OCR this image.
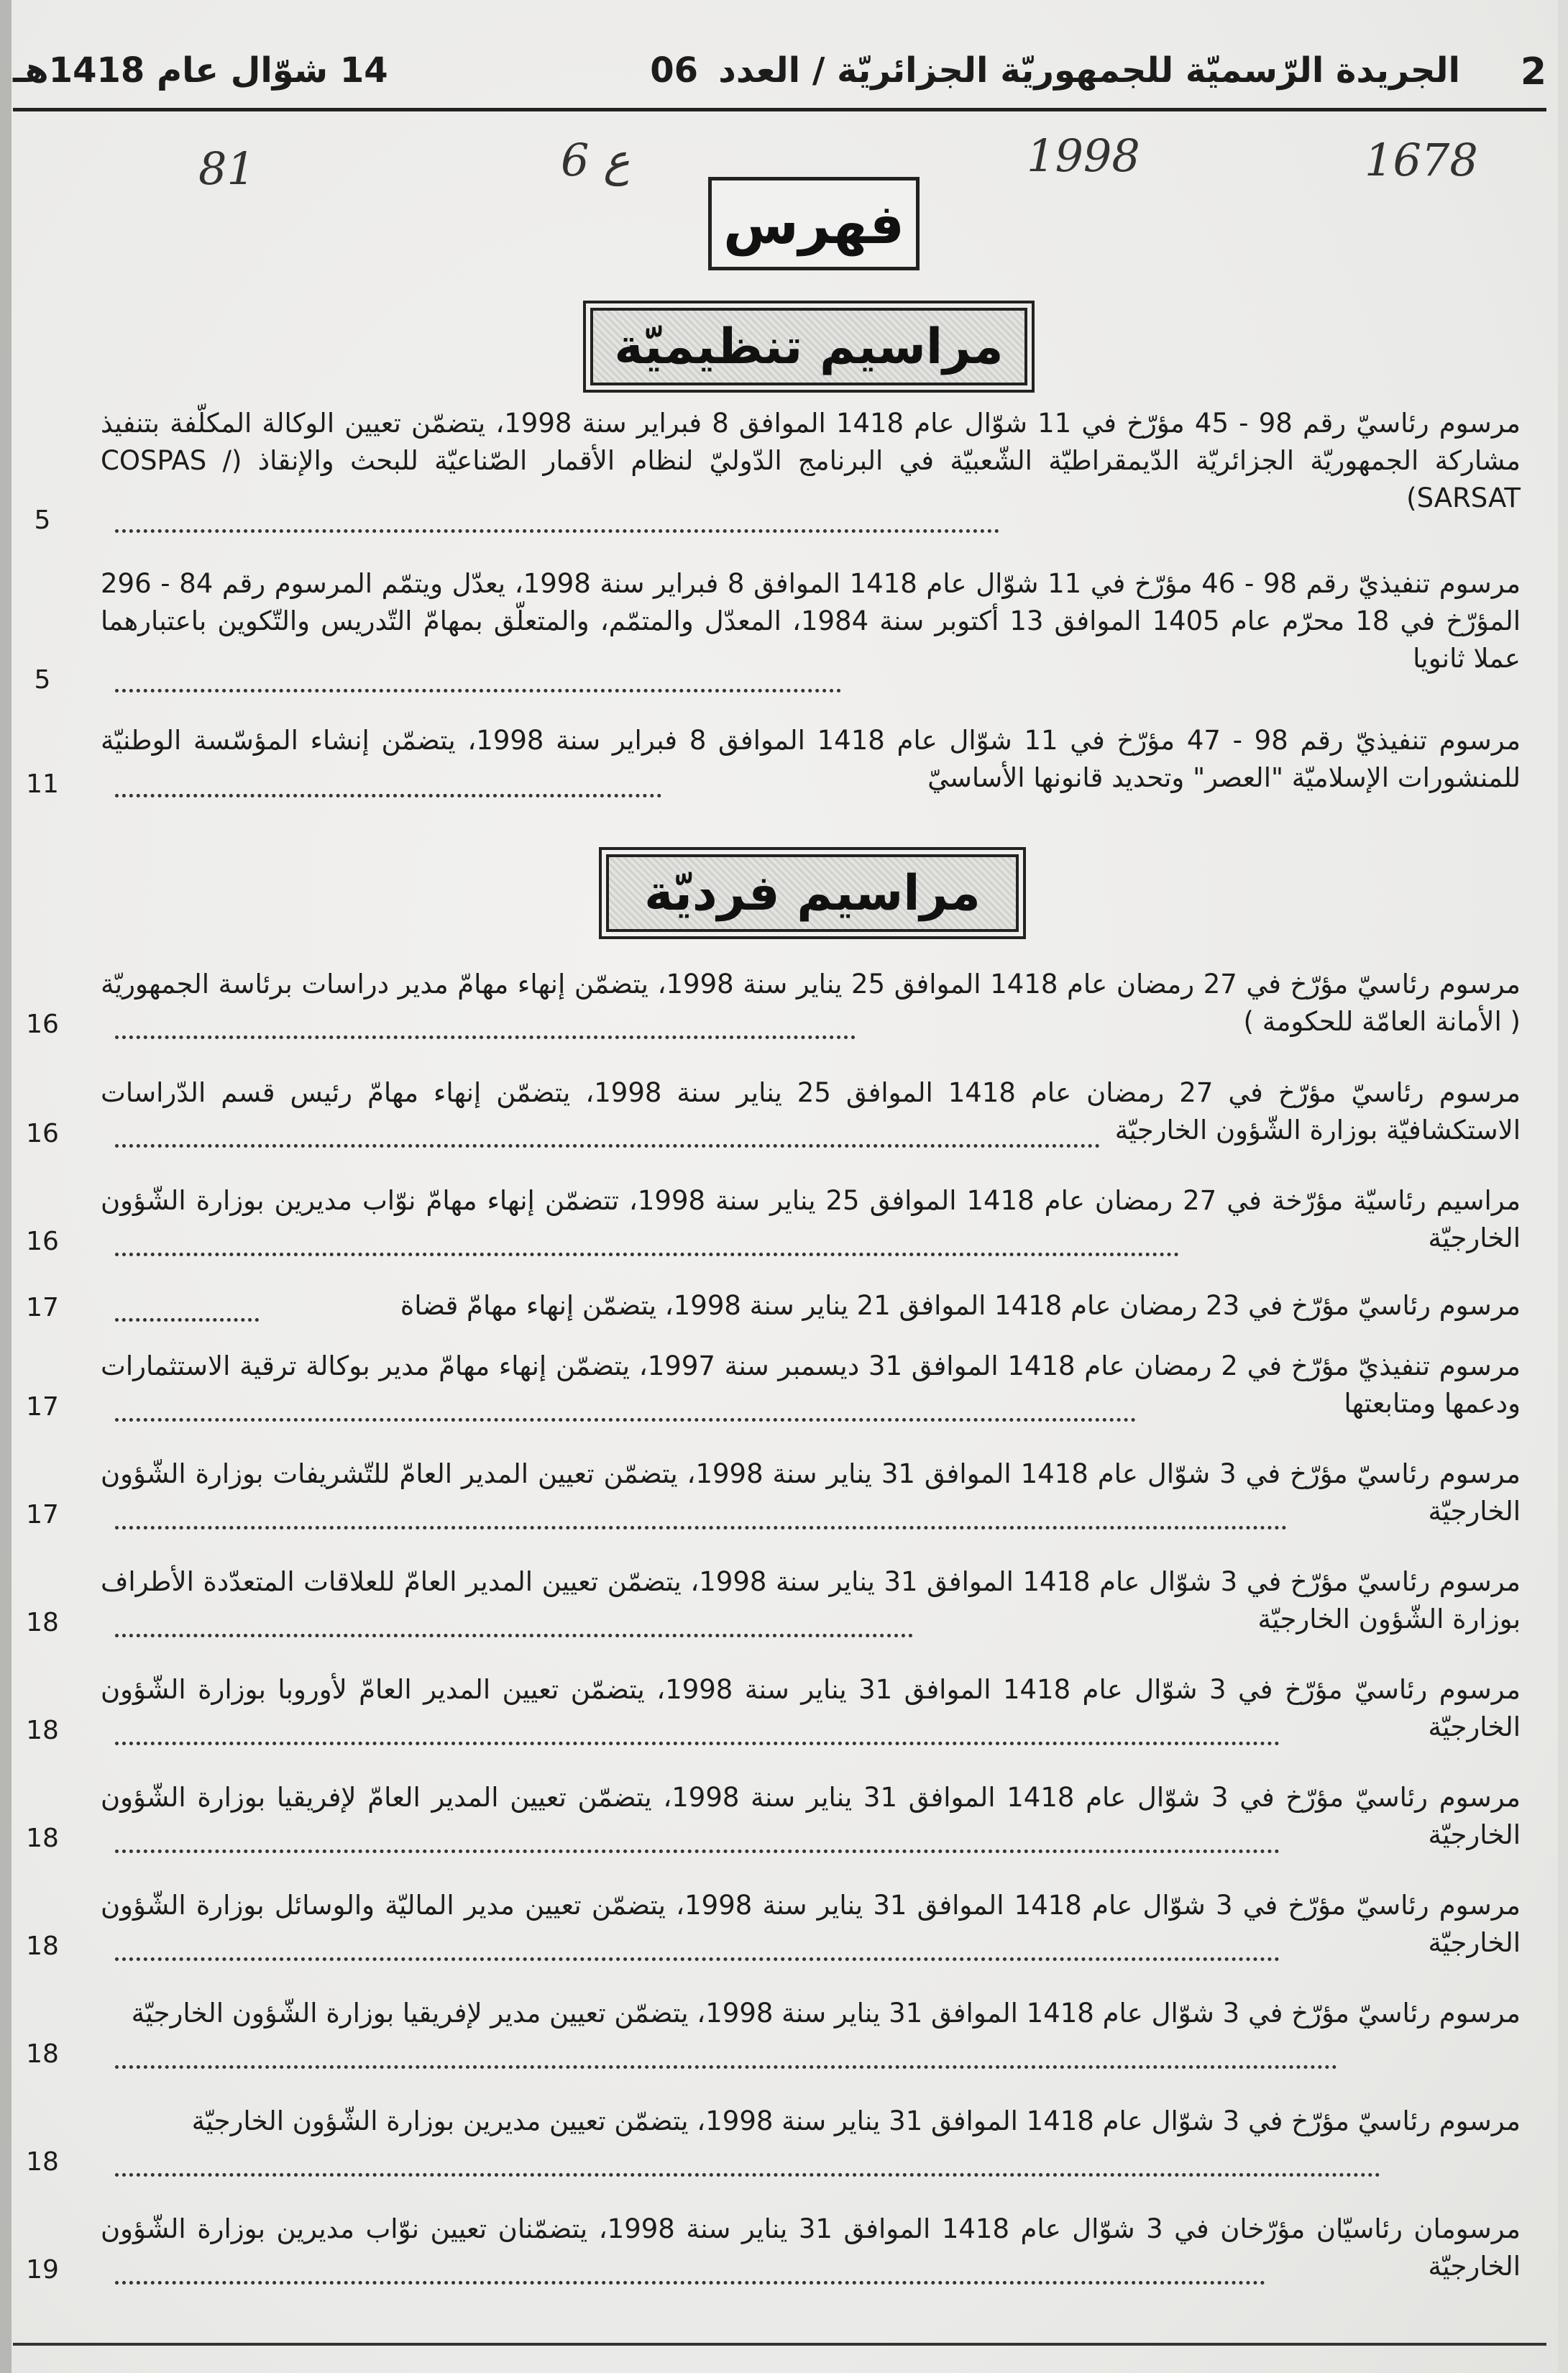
2
الجريدة الرّسميّة للجمهوريّة الجزائريّة / العدد
06
14 شوّال عام 1418هـ
1678
1998
6 ع
81
فهرس
مراسيم تنظيميّة
مرسوم رئاسيّ رقم 98 - 45 مؤرّخ في 11 شوّال عام 1418 الموافق 8 فبراير سنة 1998، يتضمّن تعيين الوكالة المكلّفة بتنفيذ مشاركة الجمهوريّة الجزائريّة الدّيمقراطيّة الشّعبيّة في البرنامج الدّوليّ لنظام الأقمار الصّناعيّة للبحث والإنقاذ (COSPAS / SARSAT)
5
مرسوم تنفيذيّ رقم 98 - 46 مؤرّخ في 11 شوّال عام 1418 الموافق 8 فبراير سنة 1998، يعدّل ويتمّم المرسوم رقم 84 - 296 المؤرّخ في 18 محرّم عام 1405 الموافق 13 أكتوبر سنة 1984، المعدّل والمتمّم، والمتعلّق بمهامّ التّدريس والتّكوين باعتبارهما عملا ثانويا
5
مرسوم تنفيذيّ رقم 98 - 47 مؤرّخ في 11 شوّال عام 1418 الموافق 8 فبراير سنة 1998، يتضمّن إنشاء المؤسّسة الوطنيّة للمنشورات الإسلاميّة "العصر" وتحديد قانونها الأساسيّ
11
مراسيم فرديّة
مرسوم رئاسيّ مؤرّخ في 27 رمضان عام 1418 الموافق 25 يناير سنة 1998، يتضمّن إنهاء مهامّ مدير دراسات برئاسة الجمهوريّة ( الأمانة العامّة للحكومة )
16
مرسوم رئاسيّ مؤرّخ في 27 رمضان عام 1418 الموافق 25 يناير سنة 1998، يتضمّن إنهاء مهامّ رئيس قسم الدّراسات الاستكشافيّة بوزارة الشّؤون الخارجيّة
16
مراسيم رئاسيّة مؤرّخة في 27 رمضان عام 1418 الموافق 25 يناير سنة 1998، تتضمّن إنهاء مهامّ نوّاب مديرين بوزارة الشّؤون الخارجيّة
16
مرسوم رئاسيّ مؤرّخ في 23 رمضان عام 1418 الموافق 21 يناير سنة 1998، يتضمّن إنهاء مهامّ قضاة
17
مرسوم تنفيذيّ مؤرّخ في 2 رمضان عام 1418 الموافق 31 ديسمبر سنة 1997، يتضمّن إنهاء مهامّ مدير بوكالة ترقية الاستثمارات ودعمها ومتابعتها
17
مرسوم رئاسيّ مؤرّخ في 3 شوّال عام 1418 الموافق 31 يناير سنة 1998، يتضمّن تعيين المدير العامّ للتّشريفات بوزارة الشّؤون الخارجيّة
17
مرسوم رئاسيّ مؤرّخ في 3 شوّال عام 1418 الموافق 31 يناير سنة 1998، يتضمّن تعيين المدير العامّ للعلاقات المتعدّدة الأطراف بوزارة الشّؤون الخارجيّة
18
مرسوم رئاسيّ مؤرّخ في 3 شوّال عام 1418 الموافق 31 يناير سنة 1998، يتضمّن تعيين المدير العامّ لأوروبا بوزارة الشّؤون الخارجيّة
18
مرسوم رئاسيّ مؤرّخ في 3 شوّال عام 1418 الموافق 31 يناير سنة 1998، يتضمّن تعيين المدير العامّ لإفريقيا بوزارة الشّؤون الخارجيّة
18
مرسوم رئاسيّ مؤرّخ في 3 شوّال عام 1418 الموافق 31 يناير سنة 1998، يتضمّن تعيين مدير الماليّة والوسائل بوزارة الشّؤون الخارجيّة
18
مرسوم رئاسيّ مؤرّخ في 3 شوّال عام 1418 الموافق 31 يناير سنة 1998، يتضمّن تعيين مدير لإفريقيا بوزارة الشّؤون الخارجيّة
18
مرسوم رئاسيّ مؤرّخ في 3 شوّال عام 1418 الموافق 31 يناير سنة 1998، يتضمّن تعيين مديرين بوزارة الشّؤون الخارجيّة
18
مرسومان رئاسيّان مؤرّخان في 3 شوّال عام 1418 الموافق 31 يناير سنة 1998، يتضمّنان تعيين نوّاب مديرين بوزارة الشّؤون الخارجيّة
19
